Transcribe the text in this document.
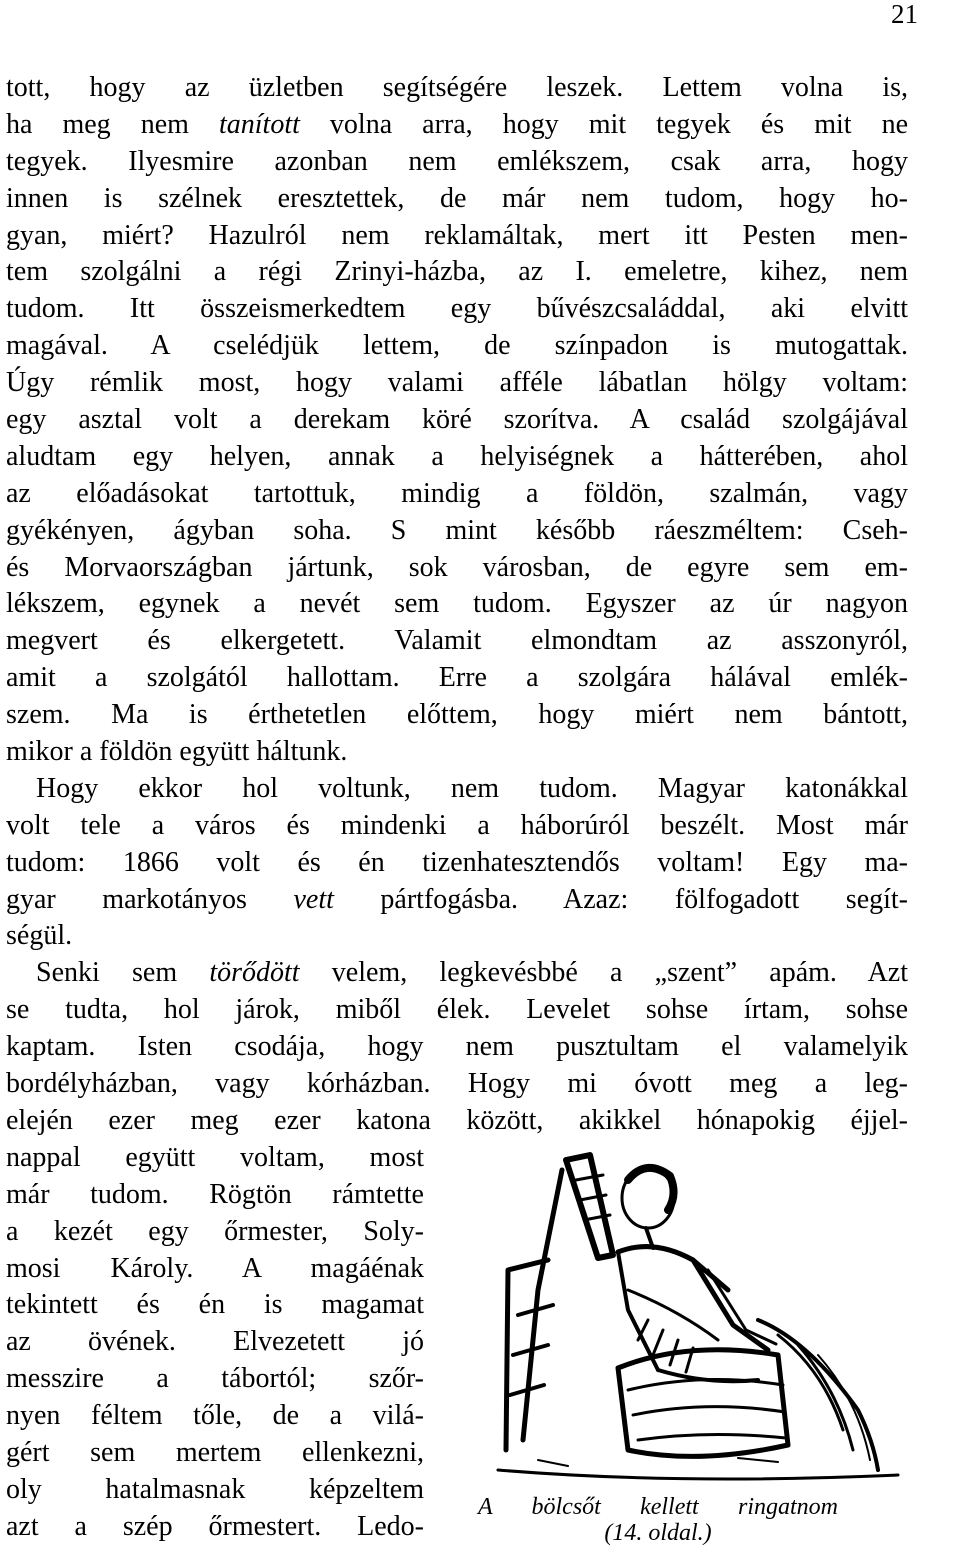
21
tott, hogy az üzletben segítségére leszek. Lettem volna is,
ha meg nem tanított volna arra, hogy mit tegyek és mit ne
tegyek. Ilyesmire azonban nem emlékszem, csak arra, hogy
innen is szélnek eresztettek, de már nem tudom, hogy ho-
gyan, miért? Hazulról nem reklamáltak, mert itt Pesten men-
tem szolgálni a régi Zrinyi-házba, az I. emeletre, kihez, nem
tudom. Itt összeismerkedtem egy bűvészcsaláddal, aki elvitt
magával. A cselédjük lettem, de színpadon is mutogattak.
Úgy rémlik most, hogy valami afféle lábatlan hölgy voltam:
egy asztal volt a derekam köré szorítva. A család szolgájával
aludtam egy helyen, annak a helyiségnek a hátterében, ahol
az előadásokat tartottuk, mindig a földön, szalmán, vagy
gyékényen, ágyban soha. S mint később ráeszméltem: Cseh-
és Morvaországban jártunk, sok városban, de egyre sem em-
lékszem, egynek a nevét sem tudom. Egyszer az úr nagyon
megvert és elkergetett. Valamit elmondtam az asszonyról,
amit a szolgától hallottam. Erre a szolgára hálával emlék-
szem. Ma is érthetetlen előttem, hogy miért nem bántott,
mikor a földön együtt háltunk.
Hogy ekkor hol voltunk, nem tudom. Magyar katonákkal
volt tele a város és mindenki a háborúról beszélt. Most már
tudom: 1866 volt és én tizenhatesztendős voltam! Egy ma-
gyar markotányos vett pártfogásba. Azaz: fölfogadott segít-
ségül.
Senki sem törődött velem, legkevésbbé a „szent” apám. Azt
se tudta, hol járok, miből élek. Levelet sohse írtam, sohse
kaptam. Isten csodája, hogy nem pusztultam el valamelyik
bordélyházban, vagy kórházban. Hogy mi óvott meg a leg-
elején ezer meg ezer katona között, akikkel hónapokig éjjel-
nappal együtt voltam, most
már tudom. Rögtön rámtette
a kezét egy őrmester, Soly-
mosi Károly. A magáénak
tekintett és én is magamat
az övének. Elvezetett jó
messzire a tábortól; szőr-
nyen féltem tőle, de a vilá-
gért sem mertem ellenkezni,
oly hatalmasnak képzeltem
azt a szép őrmestert. Ledo-
A bölcsőt kellett ringatnom
(14. oldal.)
